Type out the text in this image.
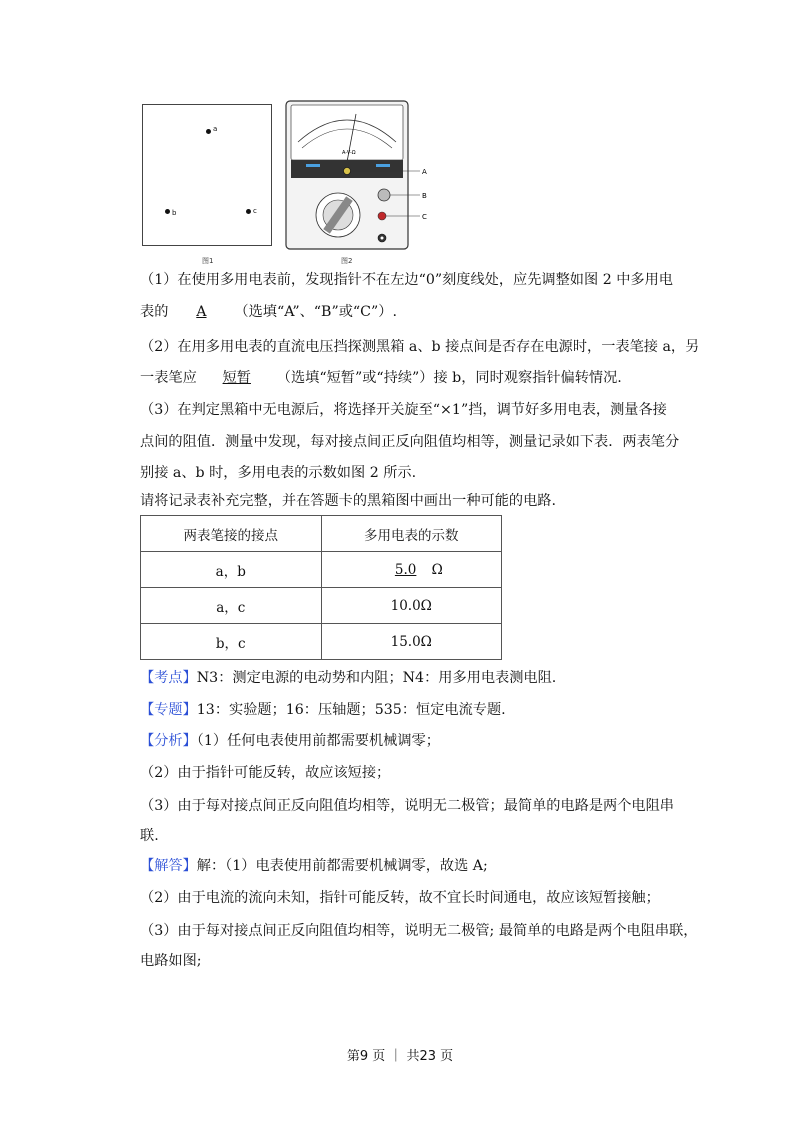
a
b	c
图1
A-V-Ω
A
B
C
图2
（1）在使用多用电表前，发现指针不在左边“0”刻度线处，应先调整如图 2 中多用电
表的 A （选填“A”、“B”或“C”）.
（2）在用多用电表的直流电压挡探测黑箱 a、b 接点间是否存在电源时，一表笔接 a，另
一表笔应 短暂 （选填“短暂”或“持续”）接 b，同时观察指针偏转情况.
（3）在判定黑箱中无电源后，将选择开关旋至“×1”挡，调节好多用电表，测量各接
点间的阻值．测量中发现，每对接点间正反向阻值均相等，测量记录如下表．两表笔分
别接 a、b 时，多用电表的示数如图 2 所示.
请将记录表补充完整，并在答题卡的黑箱图中画出一种可能的电路.
两表笔接的接点	多用电表的示数
a，b	5.0 Ω
a，c	10.0Ω
b，c	15.0Ω
【考点】N3：测定电源的电动势和内阻；N4：用多用电表测电阻.
【专题】13：实验题；16：压轴题；535：恒定电流专题.
【分析】（1）任何电表使用前都需要机械调零；
（2）由于指针可能反转，故应该短接；
（3）由于每对接点间正反向阻值均相等，说明无二极管；最简单的电路是两个电阻串
联.
【解答】解：（1）电表使用前都需要机械调零，故选 A;
（2）由于电流的流向未知，指针可能反转，故不宜长时间通电，故应该短暂接触；
（3）由于每对接点间正反向阻值均相等，说明无二极管; 最简单的电路是两个电阻串联，
电路如图;
第9 页 ｜ 共23 页
